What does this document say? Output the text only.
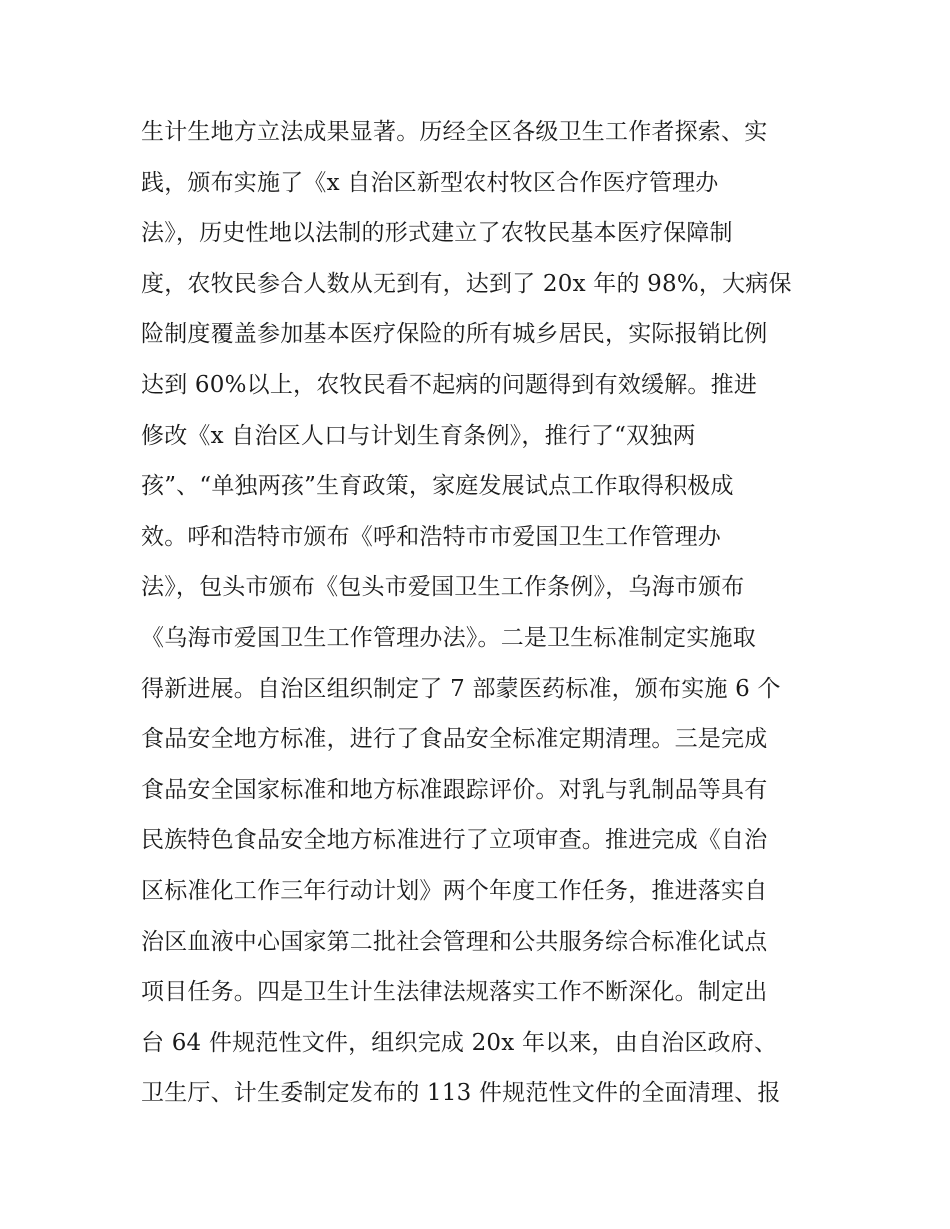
生计生地方立法成果显著。历经全区各级卫生工作者探索、实
践，颁布实施了《x 自治区新型农村牧区合作医疗管理办
法》，历史性地以法制的形式建立了农牧民基本医疗保障制
度，农牧民参合人数从无到有，达到了 20x 年的 98%，大病保
险制度覆盖参加基本医疗保险的所有城乡居民，实际报销比例
达到 60%以上，农牧民看不起病的问题得到有效缓解。推进
修改《x 自治区人口与计划生育条例》，推行了“双独两
孩”、“单独两孩”生育政策，家庭发展试点工作取得积极成
效。呼和浩特市颁布《呼和浩特市市爱国卫生工作管理办
法》，包头市颁布《包头市爱国卫生工作条例》，乌海市颁布
《乌海市爱国卫生工作管理办法》。二是卫生标准制定实施取
得新进展。自治区组织制定了 7 部蒙医药标准，颁布实施 6 个
食品安全地方标准，进行了食品安全标准定期清理。三是完成
食品安全国家标准和地方标准跟踪评价。对乳与乳制品等具有
民族特色食品安全地方标准进行了立项审查。推进完成《自治
区标准化工作三年行动计划》两个年度工作任务，推进落实自
治区血液中心国家第二批社会管理和公共服务综合标准化试点
项目任务。四是卫生计生法律法规落实工作不断深化。制定出
台 64 件规范性文件，组织完成 20x 年以来，由自治区政府、
卫生厅、计生委制定发布的 113 件规范性文件的全面清理、报
